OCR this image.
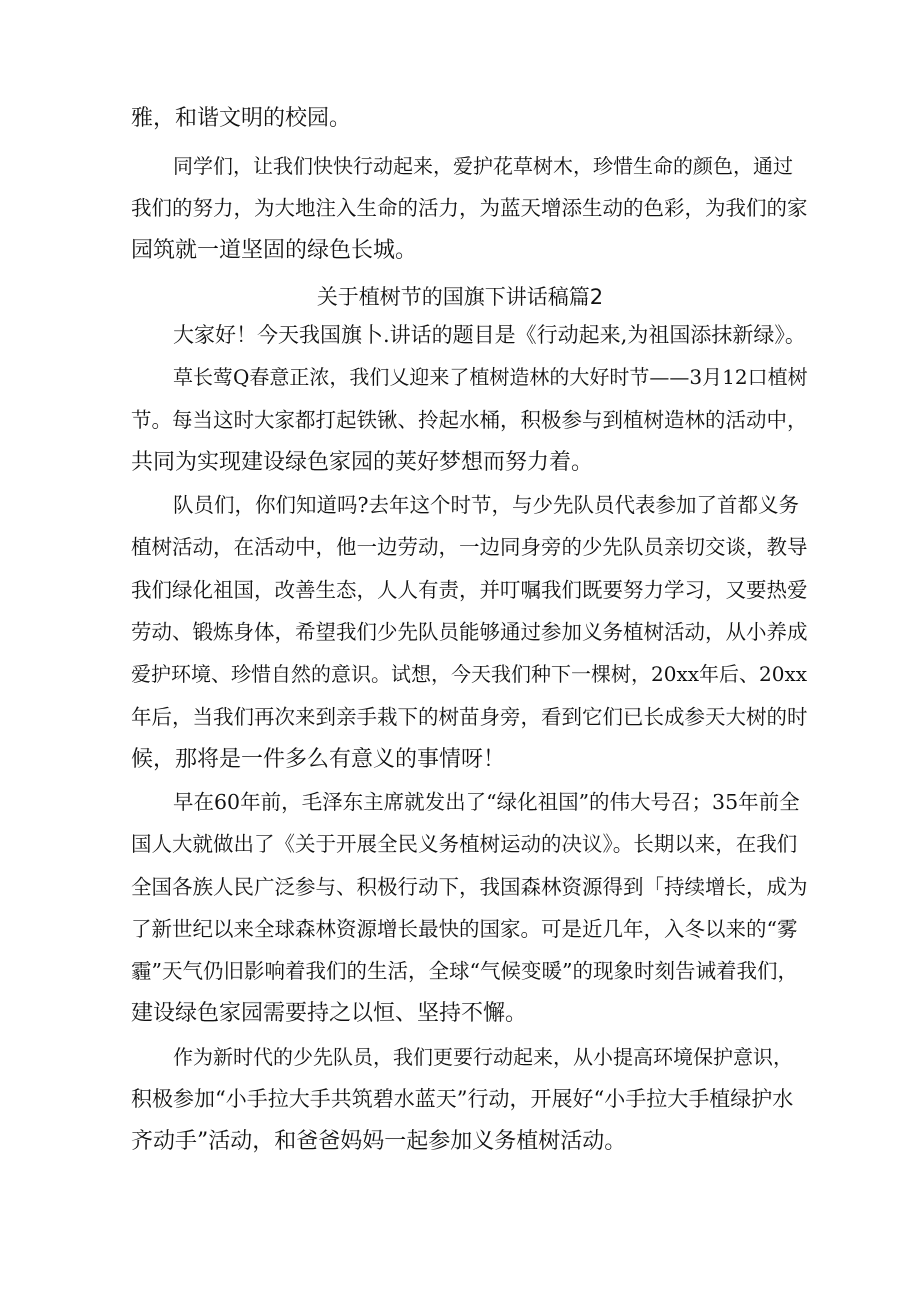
雅，和谐文明的校园。
同学们，让我们快快行动起来，爱护花草树木，珍惜生命的颜色，通过
我们的努力，为大地注入生命的活力，为蓝天增添生动的色彩，为我们的家
园筑就一道坚固的绿色长城。
关于植树节的国旗下讲话稿篇2
大家好！今天我国旗卜.讲话的题目是《行动起来,为祖国添抹新绿》。
草长莺Q春意正浓，我们乂迎来了植树造林的大好时节——3月12口植树
节。每当这时大家都打起铁锹、拎起水桶，积极参与到植树造林的活动中，
共同为实现建设绿色家园的荚好梦想而努力着。
队员们，你们知道吗?去年这个时节，与少先队员代表参加了首都义务
植树活动，在活动中，他一边劳动，一边同身旁的少先队员亲切交谈，教导
我们绿化祖国，改善生态，人人有责，并叮嘱我们既要努力学习，又要热爱
劳动、锻炼身体，希望我们少先队员能够通过参加义务植树活动，从小养成
爱护环境、珍惜自然的意识。试想，今天我们种下一棵树，20xx年后、20xx
年后，当我们再次来到亲手栽下的树苗身旁，看到它们已长成参天大树的时
候，那将是一件多么有意义的事情呀！
早在60年前，毛泽东主席就发出了“绿化祖国”的伟大号召；35年前全
国人大就做出了《关于开展全民义务植树运动的决议》。长期以来，在我们
全国各族人民广泛参与、积极行动下，我国森林资源得到「持续增长，成为
了新世纪以来全球森林资源增长最快的国家。可是近几年，入冬以来的“雾
霾”天气仍旧影响着我们的生活，全球“气候变暖”的现象时刻告诫着我们，
建设绿色家园需要持之以恒、坚持不懈。
作为新时代的少先队员，我们更要行动起来，从小提高环境保护意识，
积极参加“小手拉大手共筑碧水蓝天”行动，开展好“小手拉大手植绿护水
齐动手”活动，和爸爸妈妈一起参加义务植树活动。
